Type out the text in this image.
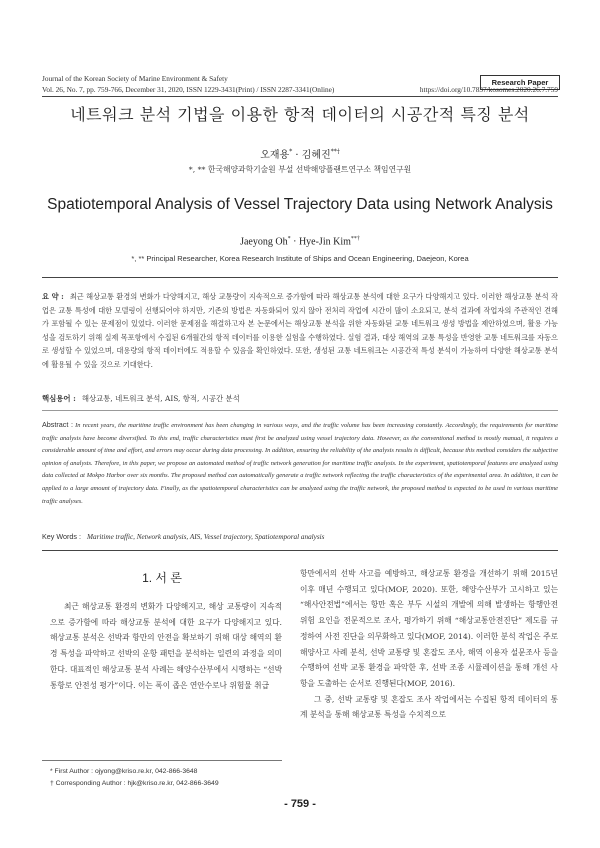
Journal of the Korean Society of Marine Environment & Safety	Research Paper
Vol. 26, No. 7, pp. 759-766, December 31, 2020, ISSN 1229-3431(Print) / ISSN 2287-3341(Online)	https://doi.org/10.7837/kosomes.2020.26.7.759
네트워크 분석 기법을 이용한 항적 데이터의 시공간적 특징 분석
오재용* · 김혜진**†
*, ** 한국해양과학기술원 부설 선박해양플랜트연구소 책임연구원
Spatiotemporal Analysis of Vessel Trajectory Data using Network Analysis
Jaeyong Oh* · Hye-Jin Kim**†
*, ** Principal Researcher, Korea Research Institute of Ships and Ocean Engineering, Daejeon, Korea
요 약 : 최근 해상교통 환경의 변화가 다양해지고, 해상 교통량이 지속적으로 증가함에 따라 해상교통 분석에 대한 요구가 다양해지고 있다. 이러한 해상교통 분석 작업은 교통 특성에 대한 모델링이 선행되어야 하지만, 기존의 방법은 자동화되어 있지 않아 전처리 작업에 시간이 많이 소요되고, 분석 결과에 작업자의 주관적인 견해가 포함될 수 있는 문제점이 있었다. 이러한 문제점을 해결하고자 본 논문에서는 해상교통 분석을 위한 자동화된 교통 네트워크 생성 방법을 제안하였으며, 활용 가능성을 검토하기 위해 실제 목포항에서 수집된 6개월간의 항적 데이터를 이용한 실험을 수행하였다. 실험 결과, 대상 해역의 교통 특성을 반영한 교통 네트워크를 자동으로 생성할 수 있었으며, 대용량의 항적 데이터에도 적용할 수 있음을 확인하였다. 또한, 생성된 교통 네트워크는 시공간적 특성 분석이 가능하여 다양한 해상교통 분석에 활용될 수 있을 것으로 기대한다.
핵심용어 : 해상교통, 네트워크 분석, AIS, 항적, 시공간 분석
Abstract : In recent years, the maritime traffic environment has been changing in various ways, and the traffic volume has been increasing constantly. Accordingly, the requirements for maritime traffic analysis have become diversified. To this end, traffic characteristics must first be analyzed using vessel trajectory data. However, as the conventional method is mostly manual, it requires a considerable amount of time and effort, and errors may occur during data processing. In addition, ensuring the reliability of the analysis results is difficult, because this method considers the subjective opinion of analysts. Therefore, in this paper, we propose an automated method of traffic network generation for maritime traffic analysis. In the experiment, spatiotemporal features are analyzed using data collected at Mokpo Harbor over six months. The proposed method can automatically generate a traffic network reflecting the traffic characteristics of the experimental area. In addition, it can be applied to a large amount of trajectory data. Finally, as the spatiotemporal characteristics can be analyzed using the traffic network, the proposed method is expected to be used in various maritime traffic analyses.
Key Words : Maritime traffic, Network analysis, AIS, Vessel trajectory, Spatiotemporal analysis
1. 서 론

최근 해상교통 환경의 변화가 다양해지고, 해상 교통량이 지속적으로 증가함에 따라 해상교통 분석에 대한 요구가 다양해지고 있다. 해상교통 분석은 선박과 항만의 안전을 확보하기 위해 대상 해역의 환경 특성을 파악하고 선박의 운항 패턴을 분석하는 일련의 과정을 의미한다. 대표적인 해상교통 분석 사례는 해양수산부에서 시행하는 “선박통항로 안전성 평가”이다. 이는 폭이 좁은 연안수로나 위험물 취급

항만에서의 선박 사고를 예방하고, 해상교통 환경을 개선하기 위해 2015년 이후 매년 수행되고 있다(MOF, 2020). 또한, 해양수산부가 고시하고 있는 “해사안전법”에서는 항만 혹은 부두 시설의 개발에 의해 발생하는 항행안전 위험 요인을 전문적으로 조사, 평가하기 위해 “해상교통안전진단” 제도를 규정하여 사전 진단을 의무화하고 있다(MOF, 2014). 이러한 분석 작업은 주로 해양사고 사례 분석, 선박 교통량 및 혼잡도 조사, 해역 이용자 설문조사 등을 수행하여 선박 교통 환경을 파악한 후, 선박 조종 시뮬레이션을 통해 개선 사항을 도출하는 순서로 진행된다(MOF, 2016).

그 중, 선박 교통량 및 혼잡도 조사 작업에서는 수집된 항적 데이터의 통계 분석을 통해 해상교통 특성을 수치적으로

* First Author : ojyong@kriso.re.kr, 042-866-3648
† Corresponding Author : hjk@kriso.re.kr, 042-866-3649
- 759 -
